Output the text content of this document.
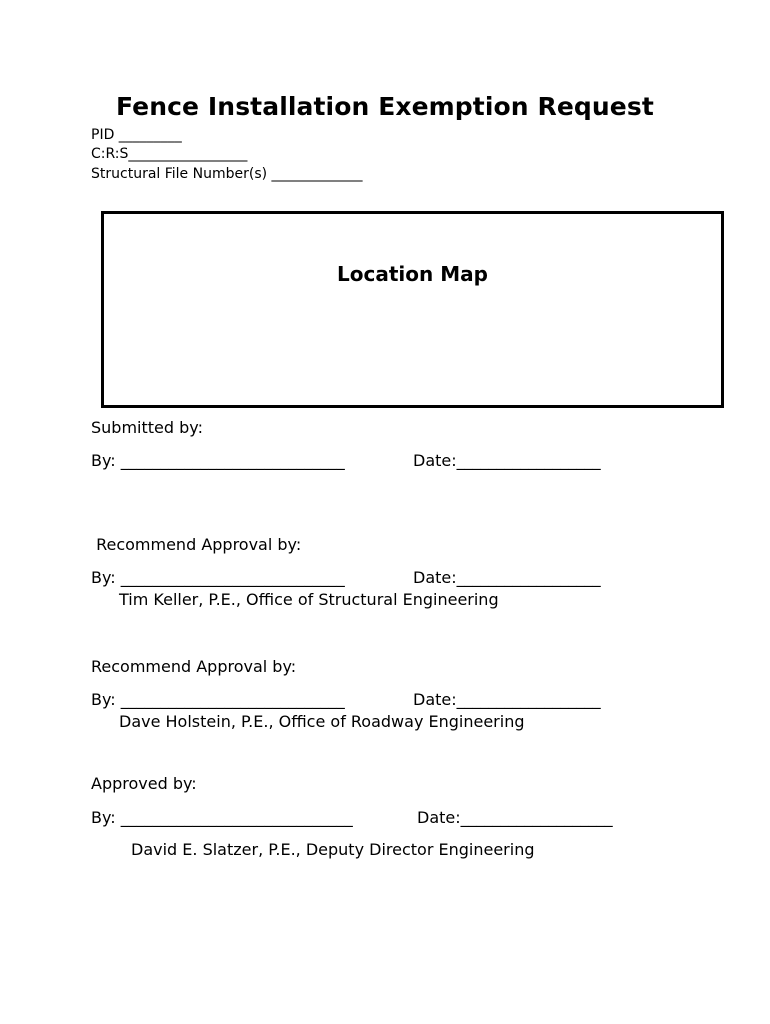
Fence Installation Exemption Request
PID _________
C:R:S_________________
Structural File Number(s) _____________
Location Map
Submitted by:
By: ____________________________	Date:__________________
Recommend Approval by:
By: ____________________________	Date:__________________
Tim Keller, P.E., Office of Structural Engineering
Recommend Approval by:
By: ____________________________	Date:__________________
Dave Holstein, P.E., Office of Roadway Engineering
Approved by:
By: _____________________________	Date:___________________
David E. Slatzer, P.E., Deputy Director Engineering
